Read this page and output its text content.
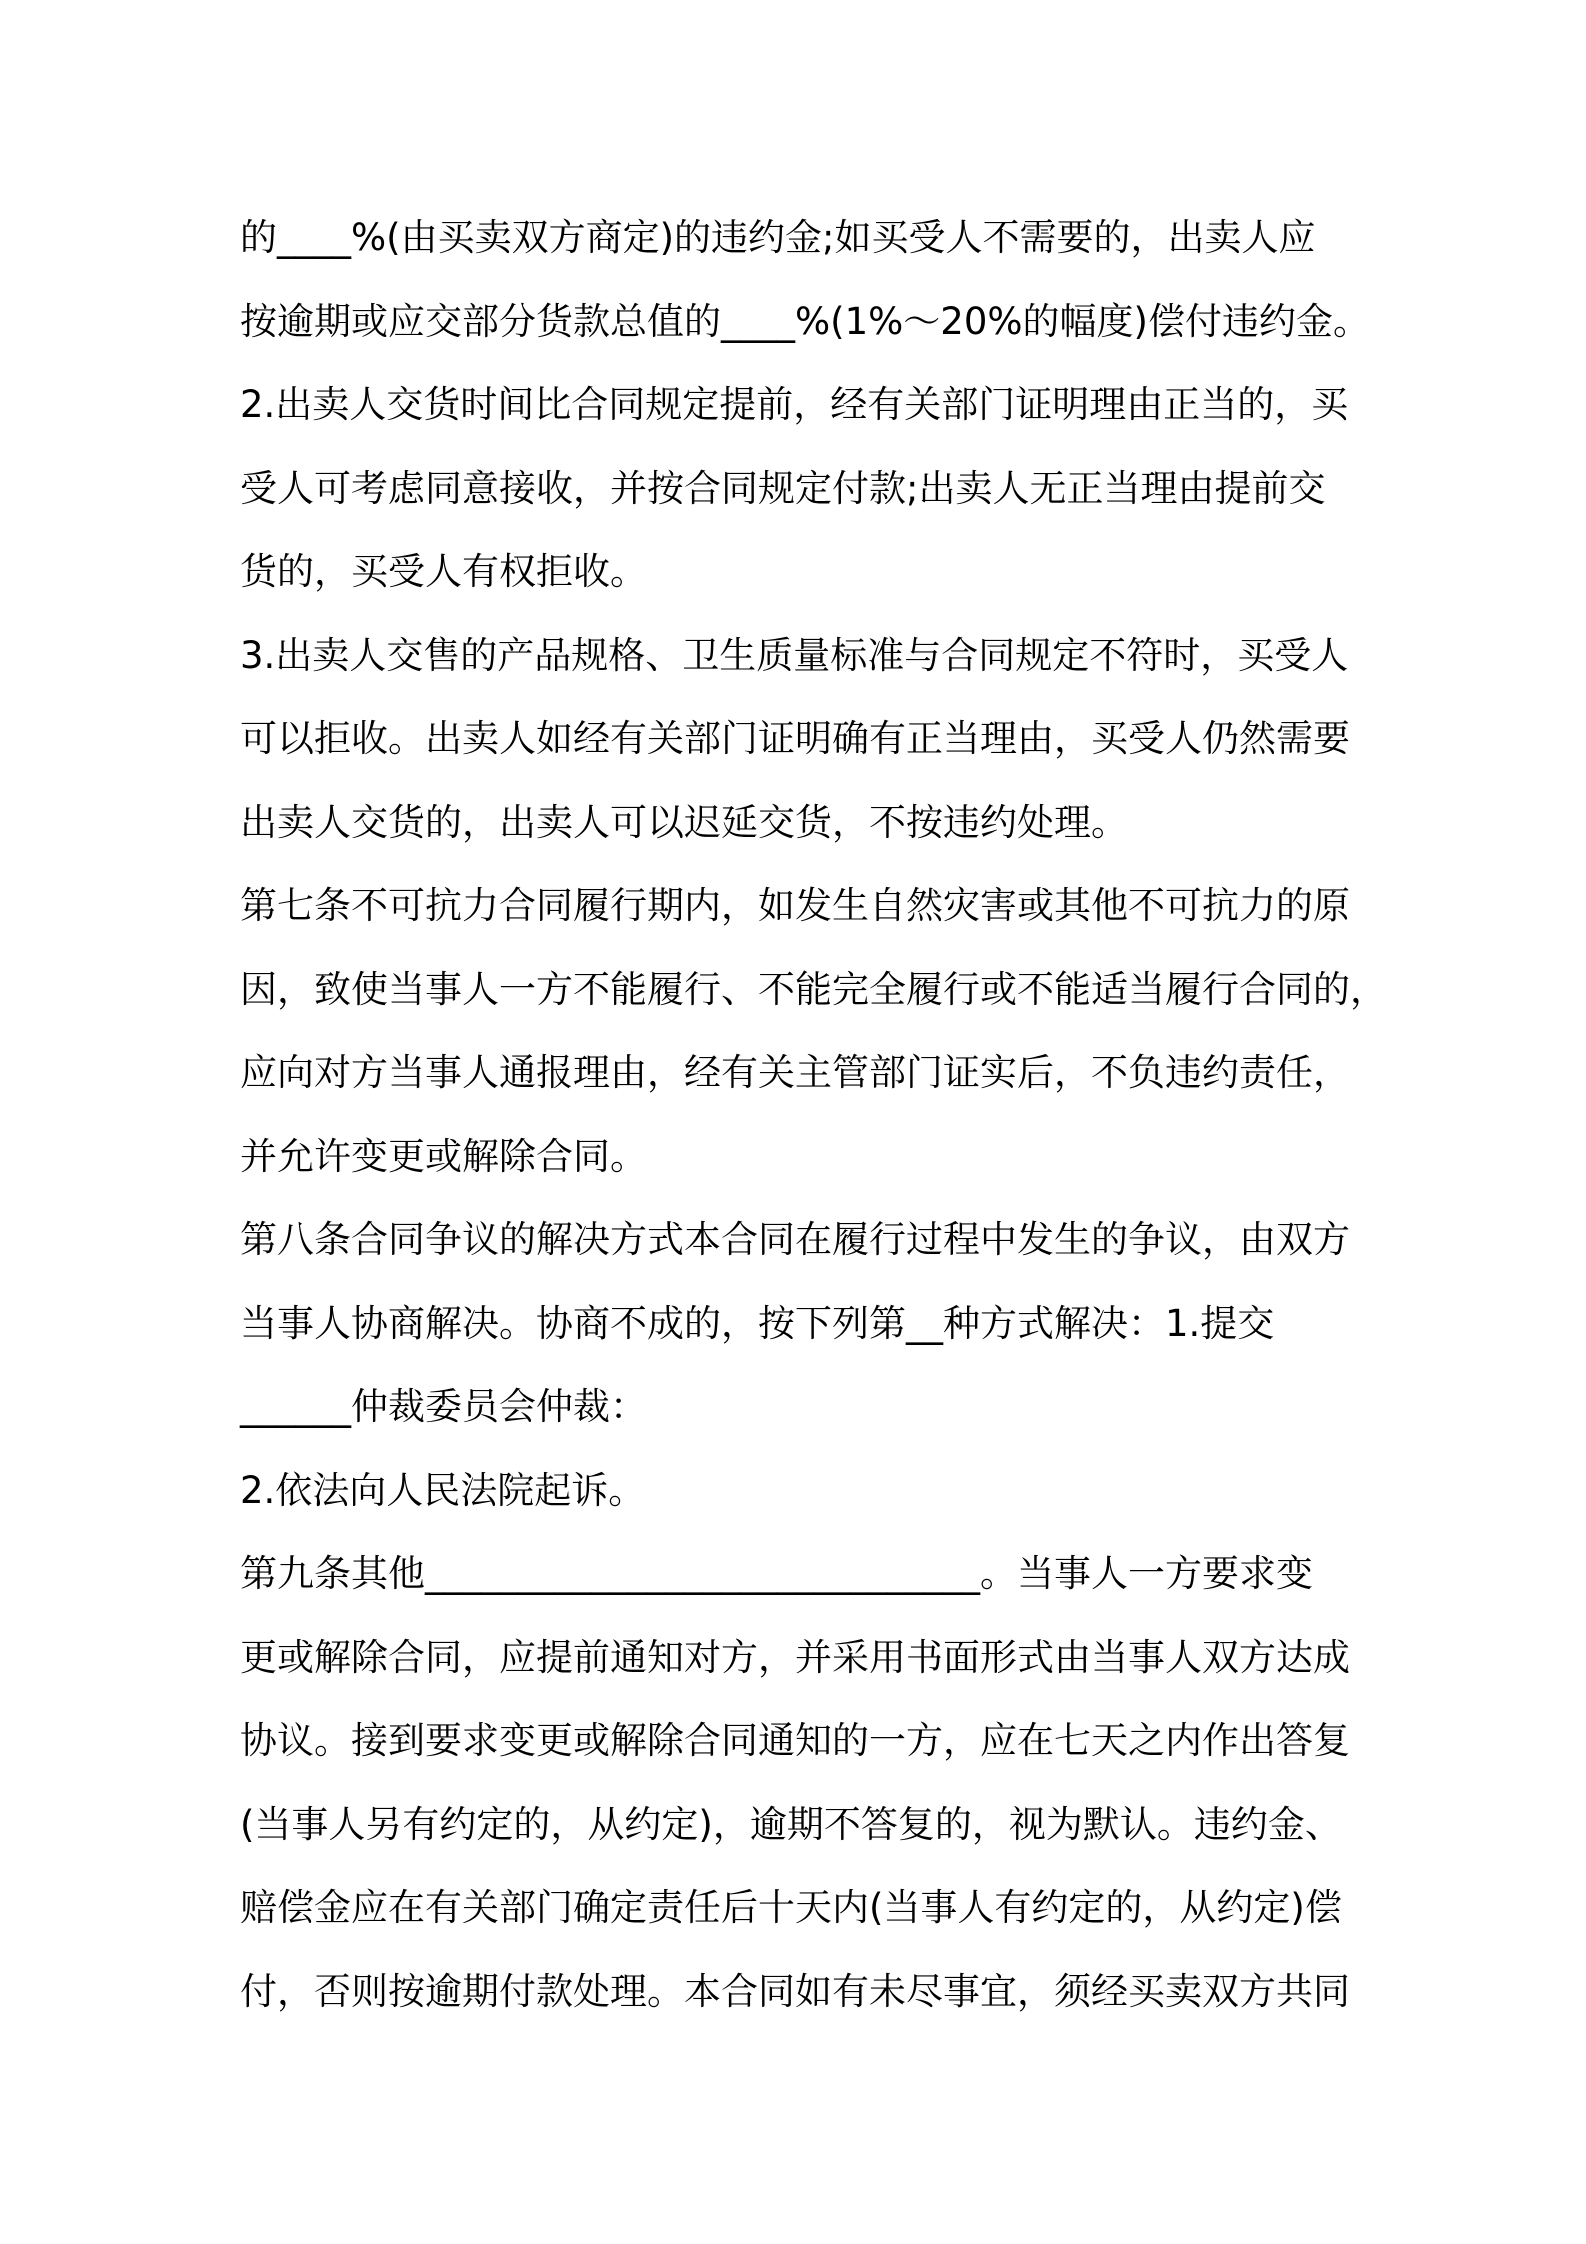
的____%(由买卖双方商定)的违约金;如买受人不需要的，出卖人应
按逾期或应交部分货款总值的____%(1%～20%的幅度)偿付违约金。
2.出卖人交货时间比合同规定提前，经有关部门证明理由正当的，买
受人可考虑同意接收，并按合同规定付款;出卖人无正当理由提前交
货的，买受人有权拒收。
3.出卖人交售的产品规格、卫生质量标准与合同规定不符时，买受人
可以拒收。出卖人如经有关部门证明确有正当理由，买受人仍然需要
出卖人交货的，出卖人可以迟延交货，不按违约处理。
第七条不可抗力合同履行期内，如发生自然灾害或其他不可抗力的原
因，致使当事人一方不能履行、不能完全履行或不能适当履行合同的，
应向对方当事人通报理由，经有关主管部门证实后，不负违约责任，
并允许变更或解除合同。
第八条合同争议的解决方式本合同在履行过程中发生的争议，由双方
当事人协商解决。协商不成的，按下列第__种方式解决：1.提交
______仲裁委员会仲裁：
2.依法向人民法院起诉。
第九条其他______________________________。当事人一方要求变
更或解除合同，应提前通知对方，并采用书面形式由当事人双方达成
协议。接到要求变更或解除合同通知的一方，应在七天之内作出答复
(当事人另有约定的，从约定)，逾期不答复的，视为默认。违约金、
赔偿金应在有关部门确定责任后十天内(当事人有约定的，从约定)偿
付，否则按逾期付款处理。本合同如有未尽事宜，须经买卖双方共同
